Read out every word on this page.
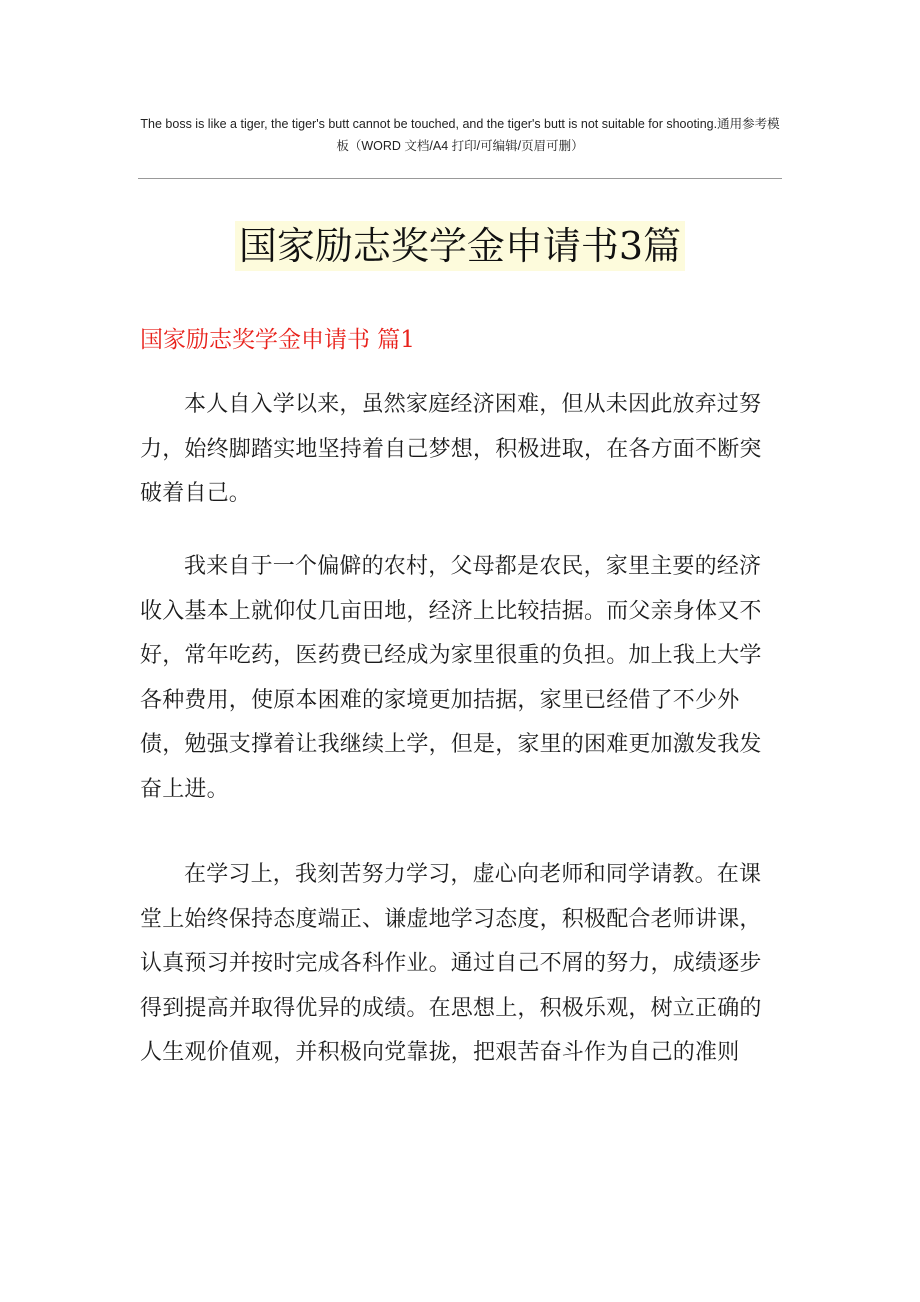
The boss is like a tiger, the tiger's butt cannot be touched, and the tiger's butt is not suitable for shooting.通用参考模板（WORD 文档/A4 打印/可编辑/页眉可删）
国家励志奖学金申请书3篇
国家励志奖学金申请书 篇1

本人自入学以来，虽然家庭经济困难，但从未因此放弃过努力，始终脚踏实地坚持着自己梦想，积极进取，在各方面不断突破着自己。

我来自于一个偏僻的农村，父母都是农民，家里主要的经济收入基本上就仰仗几亩田地，经济上比较拮据。而父亲身体又不好，常年吃药，医药费已经成为家里很重的负担。加上我上大学各种费用，使原本困难的家境更加拮据，家里已经借了不少外债，勉强支撑着让我继续上学，但是，家里的困难更加激发我发奋上进。

在学习上，我刻苦努力学习，虚心向老师和同学请教。在课堂上始终保持态度端正、谦虚地学习态度，积极配合老师讲课，认真预习并按时完成各科作业。通过自己不屑的努力，成绩逐步得到提高并取得优异的成绩。在思想上，积极乐观，树立正确的人生观价值观，并积极向党靠拢，把艰苦奋斗作为自己的准则
